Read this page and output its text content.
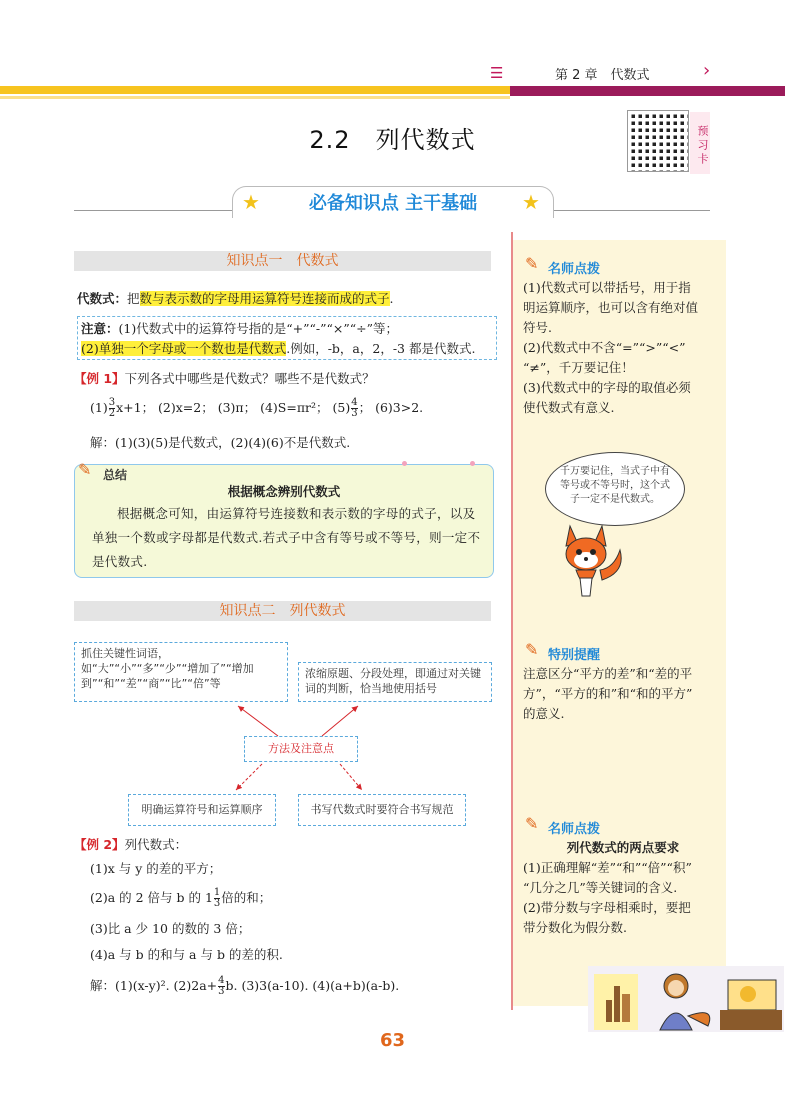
☰	第 2 章　代数式	›
2.2　列代数式	预习卡
★	必备知识点 主干基础	★
知识点一　代数式
代数式：把数与表示数的字母用运算符号连接而成的式子.
注意：(1)代数式中的运算符号指的是“+”“-”“×”“÷”等；
(2)单独一个字母或一个数也是代数式.例如，-b，a，2，-3 都是代数式.
【例 1】下列各式中哪些是代数式？哪些不是代数式？
$(1) \frac{3}{2} x+1$； (2)x=2； (3)π； (4)S=πr²； $(5) \frac{4}{3}$ ； (6)3>2.
解：(1)(3)(5)是代数式，(2)(4)(6)不是代数式.
✎ 总结
根据概念辨别代数式
根据概念可知，由运算符号连接数和表示数的字母的式子，以及单独一个数或字母都是代数式.若式子中含有等号或不等号，则一定不是代数式.
知识点二　列代数式
抓住关键性词语，如“大”“小”“多”“少”“增加了”“增加到”“和”“差”“商”“比”“倍”等
浓缩原题、分段处理，即通过对关键词的判断，恰当地使用括号
方法及注意点
明确运算符号和运算顺序	书写代数式时要符合书写规范
【例 2】列代数式：
(1)x 与 y 的差的平方；
(2)a 的 2 倍与 b 的 $1 \frac{1}{3}$ 倍的和；
(3)比 a 少 10 的数的 3 倍；
(4)a 与 b 的和与 a 与 b 的差的积.
解：(1)(x-y)². $(2)2a+ \frac{4}{3} b$. (3)3(a-10). (4)(a+b)(a-b).
✎ 名师点拨
(1)代数式可以带括号，用于指
明运算顺序，也可以含有绝对值
符号.
(2)代数式中不含“=”“>”“<”
“≠”，千万要记住！
(3)代数式中的字母的取值必须
使代数式有意义.
千万要记住，当式子中有等号或不等号时，这个式子一定不是代数式。
✎ 特别提醒
注意区分“平方的差”和“差的平
方”，“平方的和”和“和的平方”
的意义.
✎ 名师点拨
列代数式的两点要求
(1)正确理解“差”“和”“倍”“积”
“几分之几”等关键词的含义.
(2)带分数与字母相乘时，要把
带分数化为假分数.
63
